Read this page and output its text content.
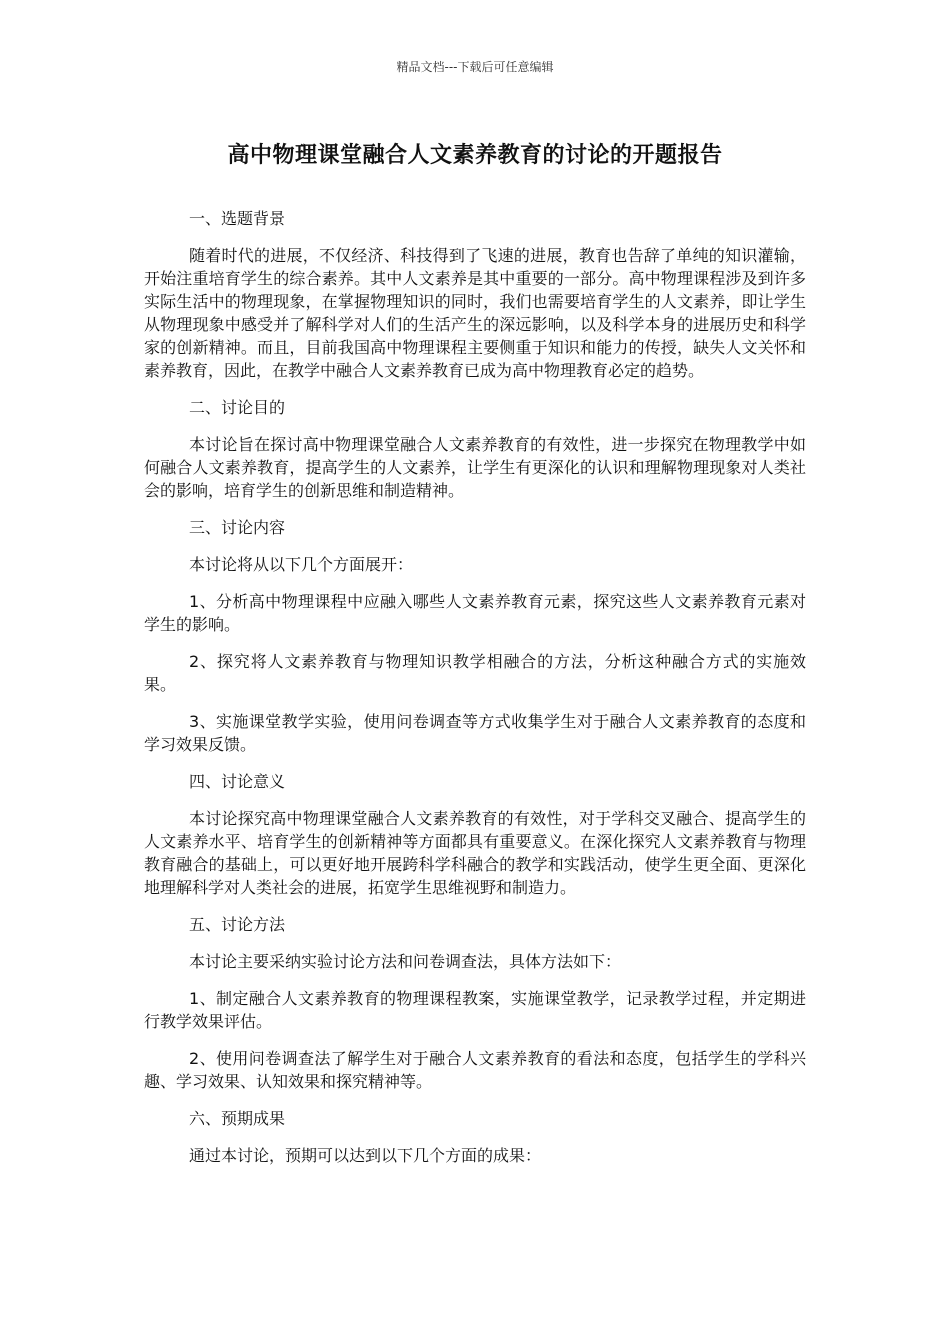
精品文档---下载后可任意编辑
高中物理课堂融合人文素养教育的讨论的开题报告
一、选题背景
随着时代的进展，不仅经济、科技得到了飞速的进展，教育也告辞了单纯的知识灌输，开始注重培育学生的综合素养。其中人文素养是其中重要的一部分。高中物理课程涉及到许多实际生活中的物理现象，在掌握物理知识的同时，我们也需要培育学生的人文素养，即让学生从物理现象中感受并了解科学对人们的生活产生的深远影响，以及科学本身的进展历史和科学家的创新精神。而且，目前我国高中物理课程主要侧重于知识和能力的传授，缺失人文关怀和素养教育，因此，在教学中融合人文素养教育已成为高中物理教育必定的趋势。
二、讨论目的
本讨论旨在探讨高中物理课堂融合人文素养教育的有效性，进一步探究在物理教学中如何融合人文素养教育，提高学生的人文素养，让学生有更深化的认识和理解物理现象对人类社会的影响，培育学生的创新思维和制造精神。
三、讨论内容
本讨论将从以下几个方面展开：
1、分析高中物理课程中应融入哪些人文素养教育元素，探究这些人文素养教育元素对学生的影响。
2、探究将人文素养教育与物理知识教学相融合的方法，分析这种融合方式的实施效果。
3、实施课堂教学实验，使用问卷调查等方式收集学生对于融合人文素养教育的态度和学习效果反馈。
四、讨论意义
本讨论探究高中物理课堂融合人文素养教育的有效性，对于学科交叉融合、提高学生的人文素养水平、培育学生的创新精神等方面都具有重要意义。在深化探究人文素养教育与物理教育融合的基础上，可以更好地开展跨科学科融合的教学和实践活动，使学生更全面、更深化地理解科学对人类社会的进展，拓宽学生思维视野和制造力。
五、讨论方法
本讨论主要采纳实验讨论方法和问卷调查法，具体方法如下：
1、制定融合人文素养教育的物理课程教案，实施课堂教学，记录教学过程，并定期进行教学效果评估。
2、使用问卷调查法了解学生对于融合人文素养教育的看法和态度，包括学生的学科兴趣、学习效果、认知效果和探究精神等。
六、预期成果
通过本讨论，预期可以达到以下几个方面的成果：
